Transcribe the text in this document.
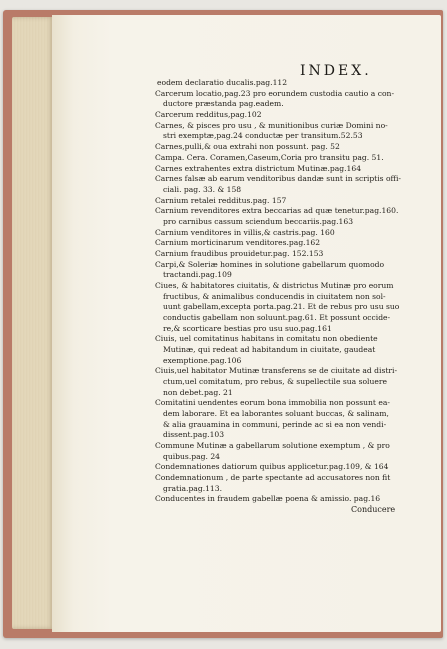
INDEX.
eodem declaratio ducalis.pag.112
Carcerum locatio,pag.23 pro eorundem custodia cautio a con-
ductore præstanda pag.eadem.
Carcerum redditus,pag.102
Carnes, & pisces pro usu , & munitionibus curiæ Domini no-
stri exemptæ,pag.24 conductæ per transitum.52.53
Carnes,pulli,& oua extrahi non possunt. pag. 52
Campa. Cera. Coramen,Caseum,Coria pro transitu pag. 51.
Carnes extrahentes extra districtum Mutinæ.pag.164
Carnes falsæ ab earum venditoribus dandæ sunt in scriptis offi-
ciali. pag. 33. & 158
Carnium retalei redditus.pag. 157
Carnium revenditores extra beccarias ad quæ tenetur.pag.160.
pro carnibus cassum sciendum beccariis.pag.163
Carnium venditores in villis,& castris.pag. 160
Carnium morticinarum venditores.pag.162
Carnium fraudibus prouidetur.pag. 152.153
Carpi,& Soleriæ homines in solutione gabellarum quomodo
tractandi.pag.109
Ciues, & habitatores ciuitatis, & districtus Mutinæ pro eorum
fructibus, & animalibus conducendis in ciuitatem non sol-
uunt gabellam,excepta porta.pag.21. Et de rebus pro usu suo
conductis gabellam non soluunt.pag.61. Et possunt occide-
re,& scorticare bestias pro usu suo.pag.161
Ciuis, uel comitatinus habitans in comitatu non obediente
Mutinæ, qui redeat ad habitandum in ciuitate, gaudeat
exemptione.pag.106
Ciuis,uel habitator Mutinæ transferens se de ciuitate ad distri-
ctum,uel comitatum, pro rebus, & supellectile sua soluere
non debet.pag. 21
Comitatini uendentes eorum bona immobilia non possunt ea-
dem laborare. Et ea laborantes soluant buccas, & salinam,
& alia grauamina in communi, perinde ac si ea non vendi-
dissent.pag.103
Commune Mutinæ a gabellarum solutione exemptum , & pro
quibus.pag. 24
Condemnationes datiorum quibus applicetur.pag.109, & 164
Condemnationum , de parte spectante ad accusatores non fit
gratia.pag.113.
Conducentes in fraudem gabellæ poena & amissio. pag.16
Conducere
